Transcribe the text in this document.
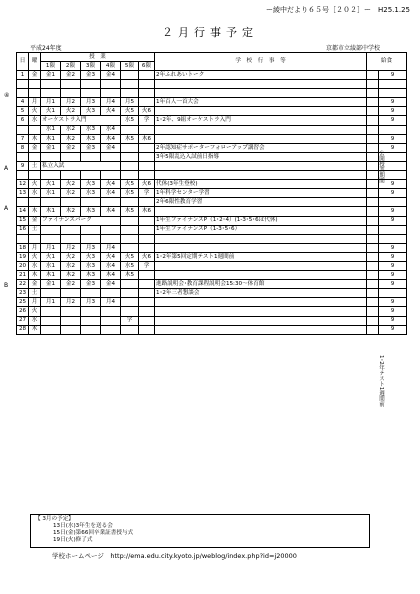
ー綾中だより６５号［２０２］ー　H25.1.25
２月行事予定
平成24年度	京都市立綾部中学校
日	曜	授　業						学　校　行　事　等	給食	
		1限	2限	3限	4限	5限	6限			
1	金	金1	金2	金3	金4			2年ふれあいトーク		9

4	月	月1	月2	月3	月4	月5		1年百人一首大会		9
5	火	火1	火2	火3	火4	火5	火6			9
6	水	オーケストラ入門				水5	学	1･2年、9組オーケストラ入門		9
		水1	水2	水3	水4					
7	木	木1	木2	木3	木4	木5	木6			9
8	金	金1	金2	金3	金4			2年認知症サポーターフォローアップ講習会		9
								3年5限乱込入試前日指導		
9	土	私立入試								

12	火	火1	火2	火3	火4	火5	火6	代休(3年生登校)		9
13	水	水1	水2	水3	水4	水5	学	1年科学センター学習		9
								2年6限性教育学習		
14	木	木1	木2	木3	木4	木5	木6			9
15	金	ファイナンスパーク						1年生ファイナンスP（1･2･4）(1-3･5･6は代休)		9
16	土							1年生ファイナンスP（1-3･5･6）		

18	月	月1	月2	月3	月4					9
19	火	火1	火2	火3	火4	火5	火6	1･2年第5回定期テスト1週間前		9
20	水	水1	水2	水3	水4	水5	学			9
21	木	木1	木2	木3	木4	木5				9
22	金	金1	金2	金3	金4			進路説明会･教育課程説明会15:30～体育館		9
23	土							1･2年三者懇談会		
25	月	月1	月2	月3	月4					9
26	火									9
27	水					学				9
28	木									9
④
A
A
B
公開授業期間
1･2年テスト1週間前
【 3月の予定】
13日(水)3年生を送る会
15日(金)第66回卒業証書授与式
19日(火)修了式
学校ホームページ　http://ema.edu.city.kyoto.jp/weblog/index.php?id=j20000
